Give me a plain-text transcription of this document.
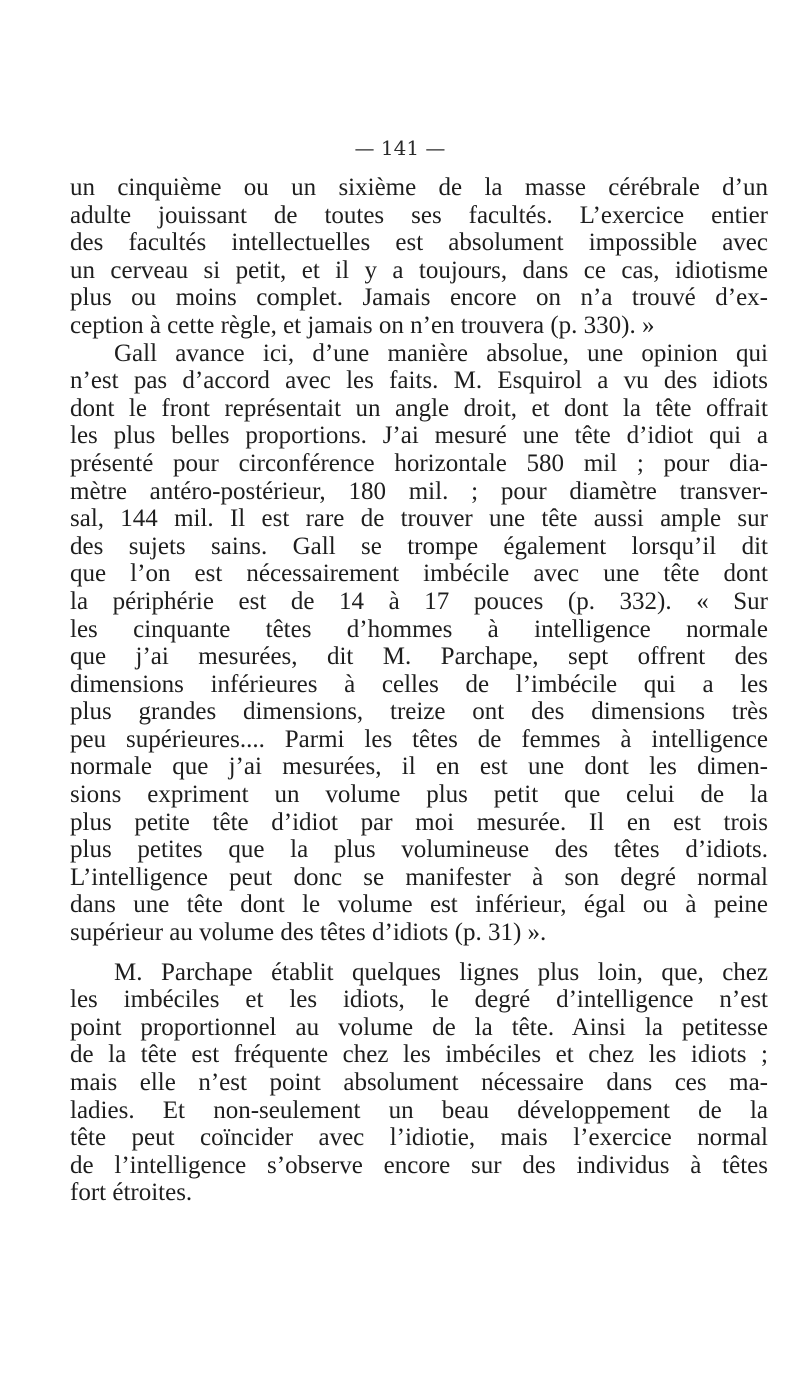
— 141 —
un cinquième ou un sixième de la masse cérébrale d’un
adulte jouissant de toutes ses facultés. L’exercice entier
des facultés intellectuelles est absolument impossible avec
un cerveau si petit, et il y a toujours, dans ce cas, idiotisme
plus ou moins complet. Jamais encore on n’a trouvé d’ex-
ception à cette règle, et jamais on n’en trouvera (p. 330). »
Gall avance ici, d’une manière absolue, une opinion qui
n’est pas d’accord avec les faits. M. Esquirol a vu des idiots
dont le front représentait un angle droit, et dont la tête offrait
les plus belles proportions. J’ai mesuré une tête d’idiot qui a
présenté pour circonférence horizontale 580 mil ; pour dia-
mètre antéro-postérieur, 180 mil. ; pour diamètre transver-
sal, 144 mil. Il est rare de trouver une tête aussi ample sur
des sujets sains. Gall se trompe également lorsqu’il dit
que l’on est nécessairement imbécile avec une tête dont
la périphérie est de 14 à 17 pouces (p. 332). « Sur
les cinquante têtes d’hommes à intelligence normale
que j’ai mesurées, dit M. Parchape, sept offrent des
dimensions inférieures à celles de l’imbécile qui a les
plus grandes dimensions, treize ont des dimensions très
peu supérieures.... Parmi les têtes de femmes à intelligence
normale que j’ai mesurées, il en est une dont les dimen-
sions expriment un volume plus petit que celui de la
plus petite tête d’idiot par moi mesurée. Il en est trois
plus petites que la plus volumineuse des têtes d’idiots.
L’intelligence peut donc se manifester à son degré normal
dans une tête dont le volume est inférieur, égal ou à peine
supérieur au volume des têtes d’idiots (p. 31) ».
M. Parchape établit quelques lignes plus loin, que, chez
les imbéciles et les idiots, le degré d’intelligence n’est
point proportionnel au volume de la tête. Ainsi la petitesse
de la tête est fréquente chez les imbéciles et chez les idiots ;
mais elle n’est point absolument nécessaire dans ces ma-
ladies. Et non-seulement un beau développement de la
tête peut coïncider avec l’idiotie, mais l’exercice normal
de l’intelligence s’observe encore sur des individus à têtes
fort étroites.
